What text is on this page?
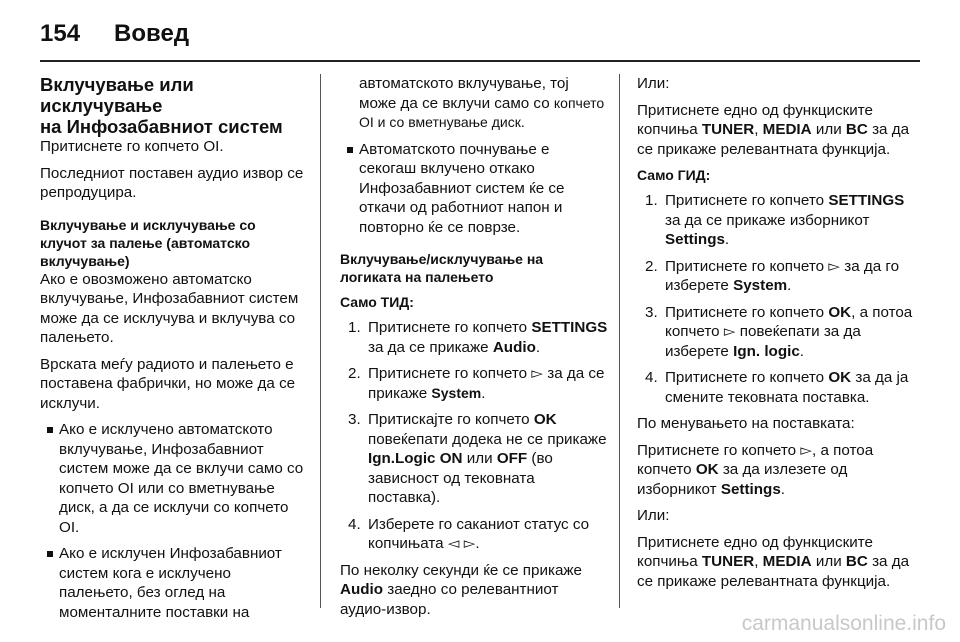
154 Вовед
Вклучување или исклучување
на Инфозабавниот систем

Притиснете го копчето OI.

Последниот поставен аудио извор се репродуцира.

Вклучување и исклучување со
клучот за палење (автоматско
вклучување)

Ако е овозможено автоматско вклучување, Инфозабавниот систем може да се исклучува и вклучува со палењето.

Врската меѓу радиото и палењето е поставена фабрички, но може да се исклучи.

Ако е исклучено автоматското вклучување, Инфозабавниот систем може да се вклучи само со копчето OI или со вметнување диск, а да се исклучи со копчето OI.
Ако е исклучен Инфозабавниот систем кога е исклучено палењето, без оглед на моменталните поставки на
автоматското вклучување, тој може да се вклучи само со копчето OI и со вметнување диск.
Автоматското почнување е секогаш вклучено откако Инфозабавниот систем ќе се откачи од работниот напон и повторно ќе се поврзе.
Вклучување/исклучување на
логиката на палењето
Само ТИД:
1. Притиснете го копчето SETTINGS за да се прикаже Audio.
2. Притиснете го копчето ▻ за да се прикаже System.
3. Притискајте го копчето OK повеќепати додека не се прикаже Ign.Logic ON или OFF (во зависност од тековната поставка).
4. Изберете го саканиот статус со копчињата ◅ ▻.

По неколку секунди ќе се прикаже Audio заедно со релевантниот аудио-извор.

Или:

Притиснете едно од функциските копчиња TUNER, MEDIA или BC за да се прикаже релевантната функција.

Само ГИД:
1. Притиснете го копчето SETTINGS за да се прикаже изборникот Settings.
2. Притиснете го копчето ▻ за да го изберете System.
3. Притиснете го копчето OK, а потоа копчето ▻ повеќепати за да изберете Ign. logic.
4. Притиснете го копчето OK за да ја смените тековната поставка.

По менувањето на поставката:

Притиснете го копчето ▻, а потоа копчето OK за да излезете од изборникот Settings.

Или:

Притиснете едно од функциските копчиња TUNER, MEDIA или BC за да се прикаже релевантната функција.

carmanualsonline.info
